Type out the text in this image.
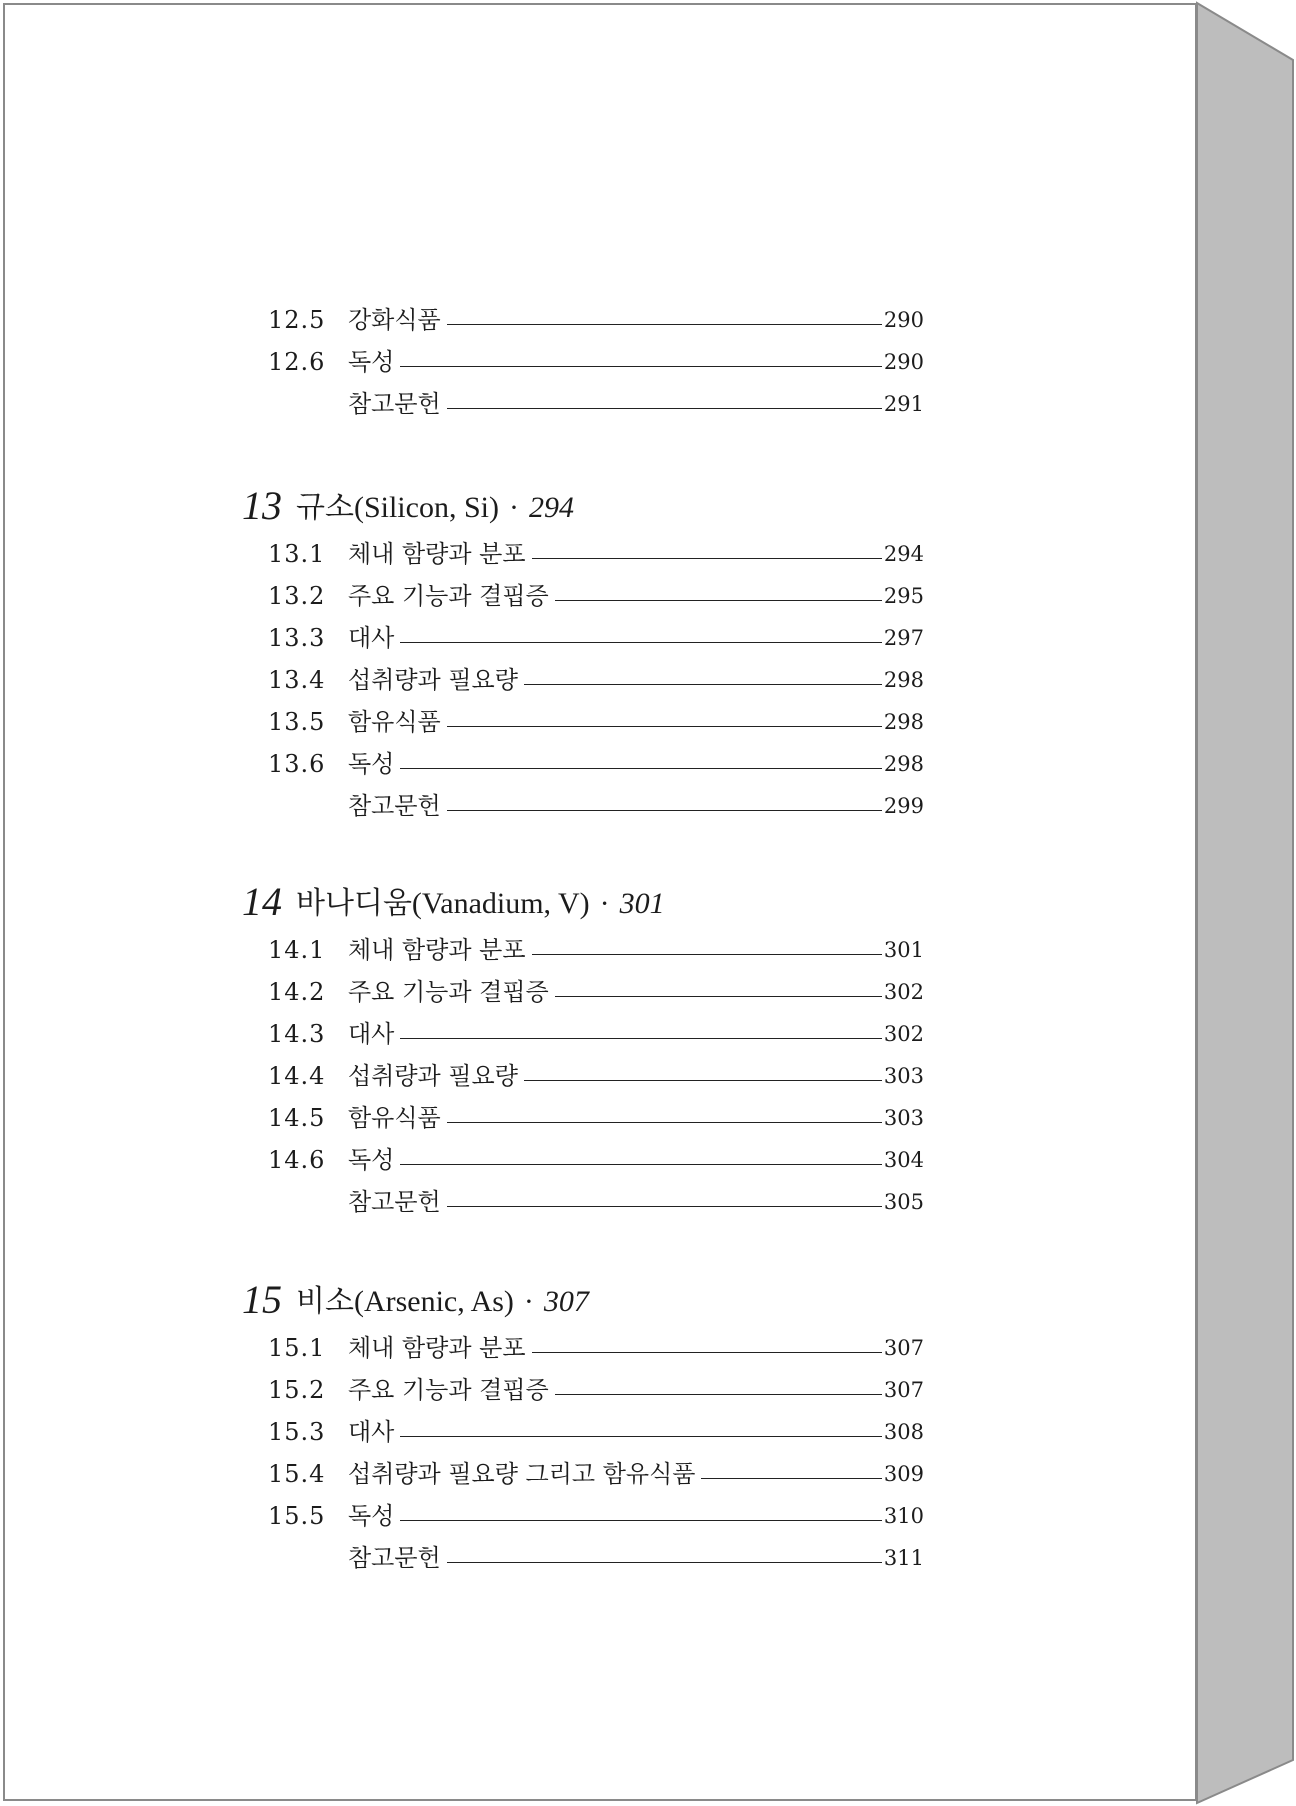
12.5 강화식품	290
12.6 독성	290
참고문헌	291
13 규소(Silicon, Si) · 294
13.1 체내 함량과 분포	294
13.2 주요 기능과 결핍증	295
13.3 대사	297
13.4 섭취량과 필요량	298
13.5 함유식품	298
13.6 독성	298
참고문헌	299
14 바나디움(Vanadium, V) · 301
14.1 체내 함량과 분포	301
14.2 주요 기능과 결핍증	302
14.3 대사	302
14.4 섭취량과 필요량	303
14.5 함유식품	303
14.6 독성	304
참고문헌	305
15 비소(Arsenic, As) · 307
15.1 체내 함량과 분포	307
15.2 주요 기능과 결핍증	307
15.3 대사	308
15.4 섭취량과 필요량 그리고 함유식품	309
15.5 독성	310
참고문헌	311
